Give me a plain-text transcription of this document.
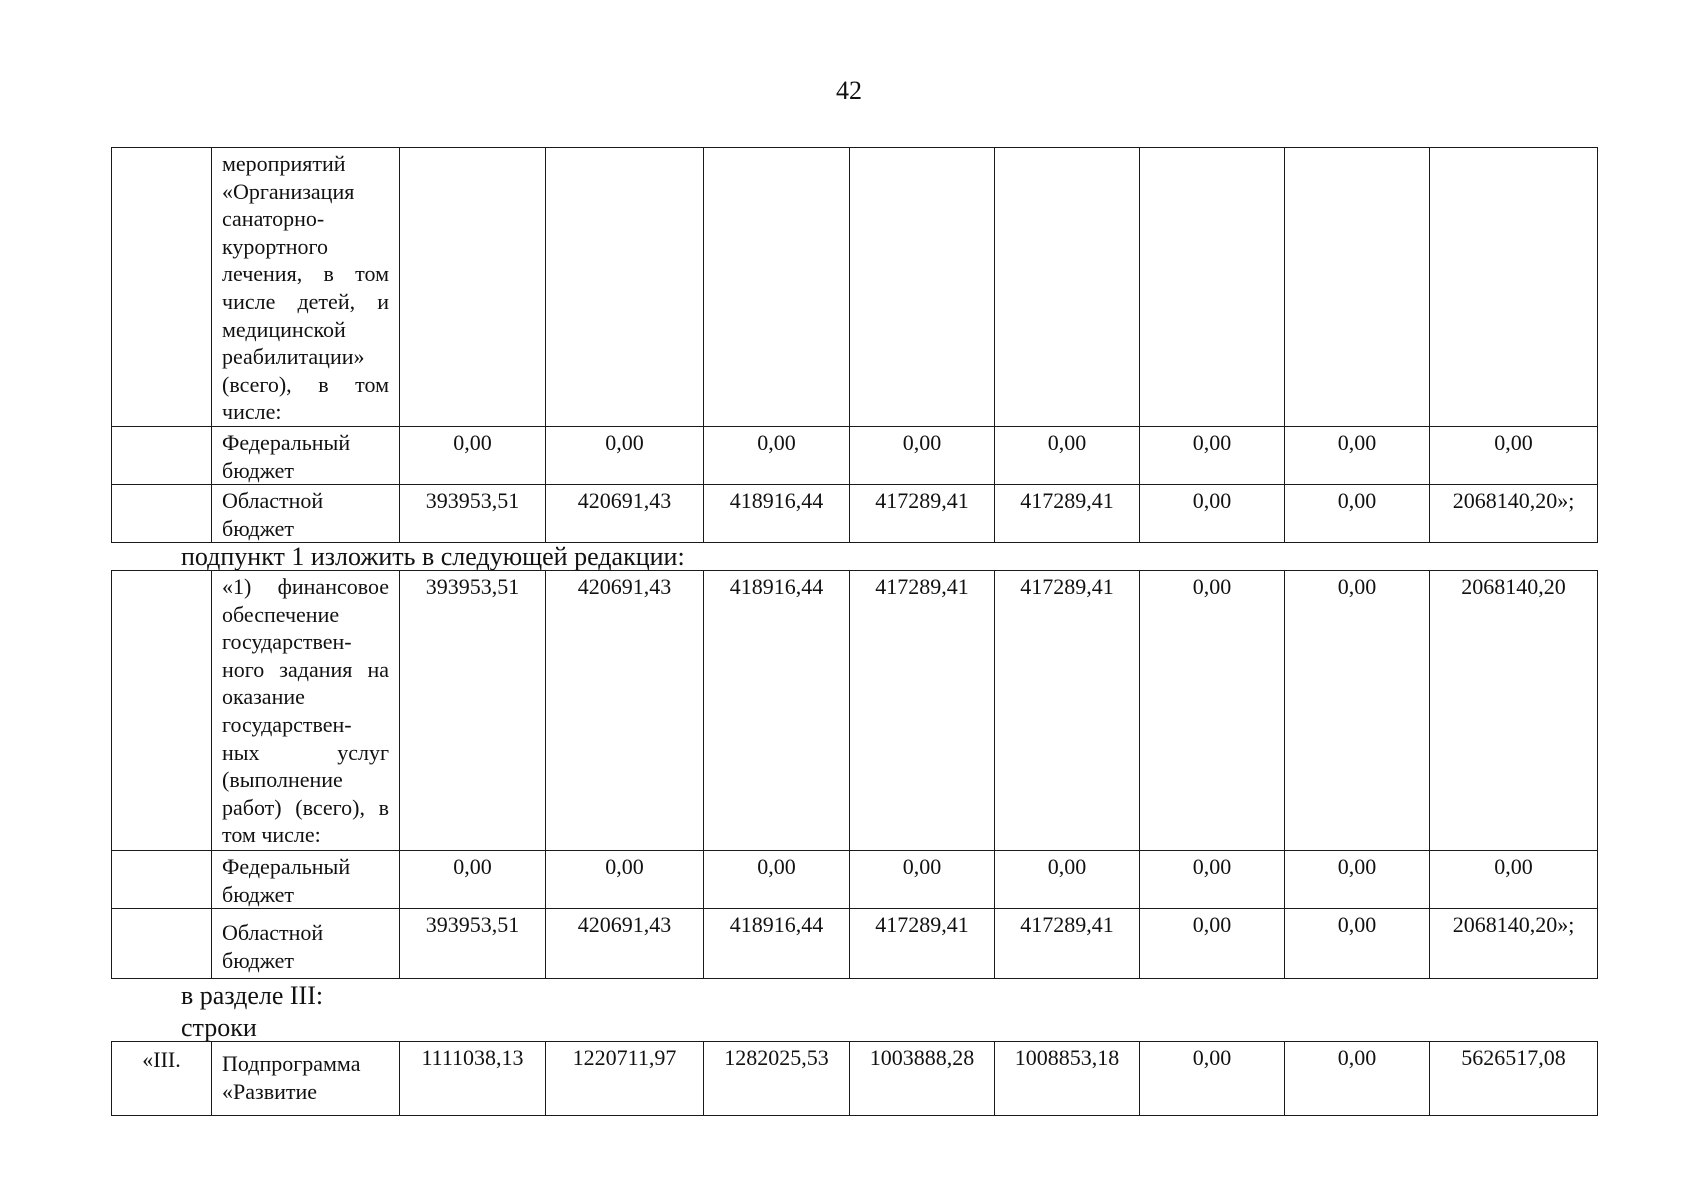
42
	мероприятий «Организация санаторно-курортного лечения, в том числе детей, и медицинской реабилитации» (всего), в том числе:								
	Федеральный бюджет	0,00	0,00	0,00	0,00	0,00	0,00	0,00	0,00
	Областной бюджет	393953,51	420691,43	418916,44	417289,41	417289,41	0,00	0,00	2068140,20»;
подпункт 1 изложить в следующей редакции:
	«1) финансовое обеспечение государствен-ного задания на оказание государствен-ных услуг (выполнение работ) (всего), в том числе:	393953,51	420691,43	418916,44	417289,41	417289,41	0,00	0,00	2068140,20
	Федеральный бюджет	0,00	0,00	0,00	0,00	0,00	0,00	0,00	0,00
	Областной бюджет	393953,51	420691,43	418916,44	417289,41	417289,41	0,00	0,00	2068140,20»;
в разделе III:
строки
«III.	Подпрограмма «Развитие	1111038,13	1220711,97	1282025,53	1003888,28	1008853,18	0,00	0,00	5626517,08
